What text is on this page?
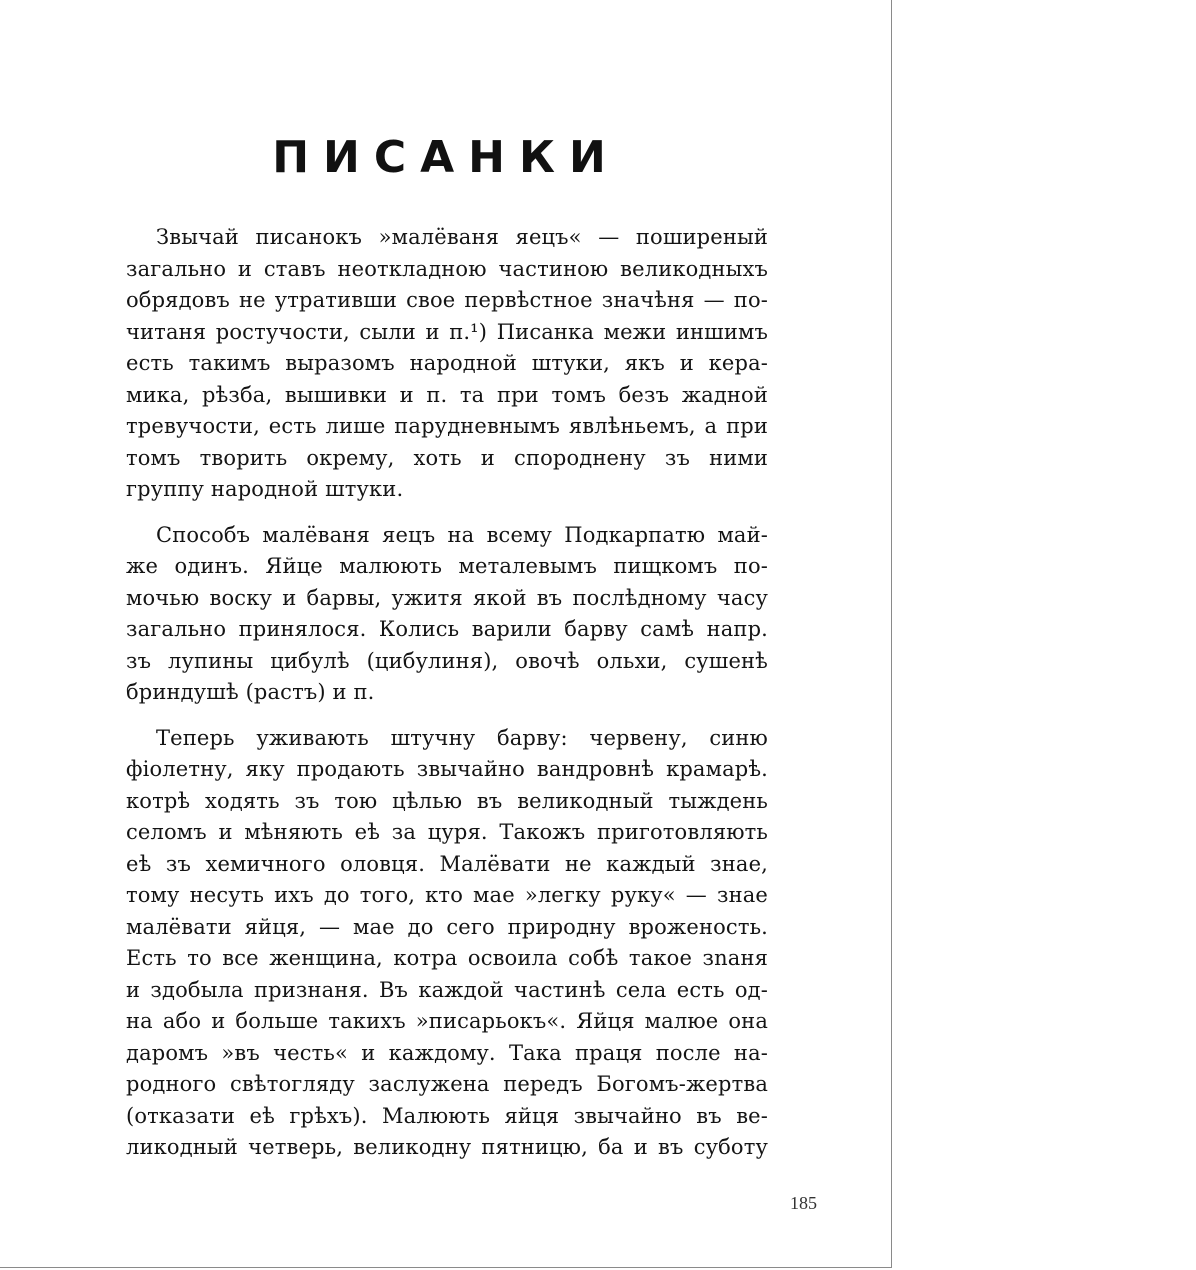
ПИСАНКИ
Звычай писанокъ »малёваня яецъ« — поширеный
загально и ставъ неоткладною частиною великодныхъ
обрядовъ не утративши свое первѣстное значѣня — по-
читаня ростучости, сыли и п.¹) Писанка межи иншимъ
есть такимъ выразомъ народной штуки, якъ и кера-
мика, рѣзба, вышивки и п. та при томъ безъ жадной
тревучости, есть лише парудневнымъ явлѣньемъ, а при
томъ творить окрему, хоть и спороднену зъ ними
группу народной штуки.
Способъ малёваня яецъ на всему Подкарпатю май-
же одинъ. Яйце малюють металевымъ пищкомъ по-
мочью воску и барвы, ужитя якой въ послѣдному часу
загально принялося. Колись варили барву самѣ напр.
зъ лупины цибулѣ (цибулиня), овочѣ ольхи, сушенѣ
бриндушѣ (растъ) и п.
Теперь уживають штучну барву: червену, синю
фіолетну, яку продають звычайно вандровнѣ крамарѣ.
котрѣ ходять зъ тою цѣлью въ великодный тыждень
селомъ и мѣняють еѣ за цуря. Такожъ приготовляють
еѣ зъ хемичного оловця. Малёвати не каждый знае,
тому несуть ихъ до того, кто мае »легку руку« — знае
малёвати яйця, — мае до сего природну вроженость.
Есть то все женщина, котра освоила собѣ такое зnaня
и здобыла признаня. Въ каждой частинѣ села есть од-
на або и больше такихъ »писарьокъ«. Яйця малюе она
даромъ »въ честь« и каждому. Така праця после на-
родного свѣтогляду заслужена передъ Богомъ-жертва
(отказати еѣ грѣхъ). Малюють яйця звычайно въ ве-
ликодный четверь, великодну пятницю, ба и въ суботу
185
